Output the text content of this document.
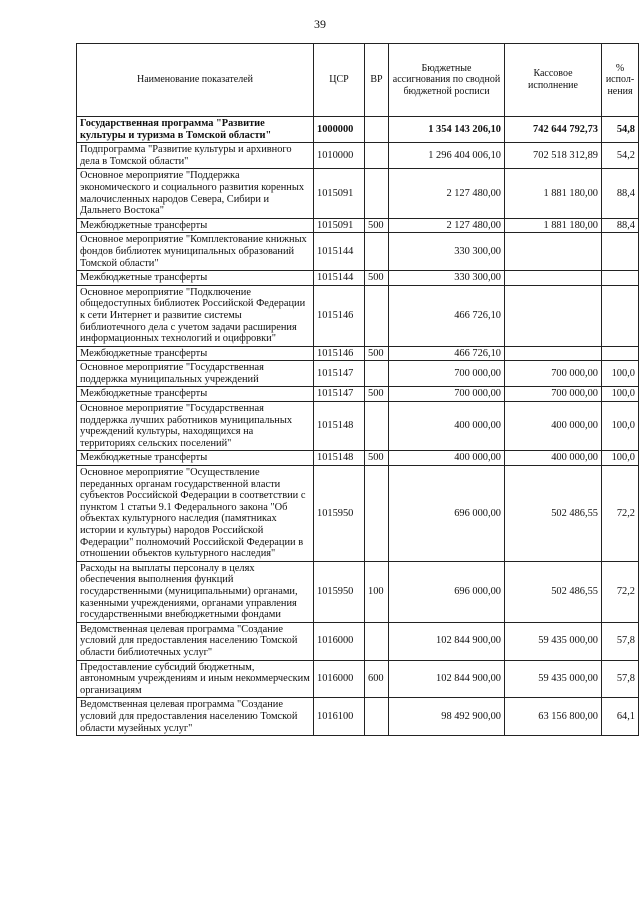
39
Наименование показателей	ЦСР	ВР	Бюджетные ассигнования по сводной бюджетной росписи	Кассовое исполнение	% испол-нения
Государственная программа "Развитие культуры и туризма в Томской области"	1000000		1 354 143 206,10	742 644 792,73	54,8
Подпрограмма "Развитие культуры и архивного дела в Томской области"	1010000		1 296 404 006,10	702 518 312,89	54,2
Основное мероприятие "Поддержка экономического и социального развития коренных малочисленных народов Севера, Сибири и Дальнего Востока"	1015091		2 127 480,00	1 881 180,00	88,4
Межбюджетные трансферты	1015091	500	2 127 480,00	1 881 180,00	88,4
Основное мероприятие "Комплектование книжных фондов библиотек муниципальных образований Томской области"	1015144		330 300,00		
Межбюджетные трансферты	1015144	500	330 300,00		
Основное мероприятие "Подключение общедоступных библиотек Российской Федерации к сети Интернет и развитие системы библиотечного дела с учетом задачи расширения информационных технологий и оцифровки"	1015146		466 726,10		
Межбюджетные трансферты	1015146	500	466 726,10		
Основное мероприятие "Государственная поддержка муниципальных учреждений	1015147		700 000,00	700 000,00	100,0
Межбюджетные трансферты	1015147	500	700 000,00	700 000,00	100,0
Основное мероприятие "Государственная поддержка лучших работников муниципальных учреждений культуры, находящихся на территориях сельских поселений"	1015148		400 000,00	400 000,00	100,0
Межбюджетные трансферты	1015148	500	400 000,00	400 000,00	100,0
Основное мероприятие "Осуществление переданных органам государственной власти субъектов Российской Федерации в соответствии с пунктом 1 статьи 9.1 Федерального закона "Об объектах культурного наследия (памятниках истории и культуры) народов Российской Федерации" полномочий Российской Федерации в отношении объектов культурного наследия"	1015950		696 000,00	502 486,55	72,2
Расходы на выплаты персоналу в целях обеспечения выполнения функций государственными (муниципальными) органами, казенными учреждениями, органами управления государственными внебюджетными фондами	1015950	100	696 000,00	502 486,55	72,2
Ведомственная целевая программа "Создание условий для предоставления населению Томской области библиотечных услуг"	1016000		102 844 900,00	59 435 000,00	57,8
Предоставление субсидий бюджетным, автономным учреждениям и иным некоммерческим организациям	1016000	600	102 844 900,00	59 435 000,00	57,8
Ведомственная целевая программа "Создание условий для предоставления населению Томской области музейных услуг"	1016100		98 492 900,00	63 156 800,00	64,1
